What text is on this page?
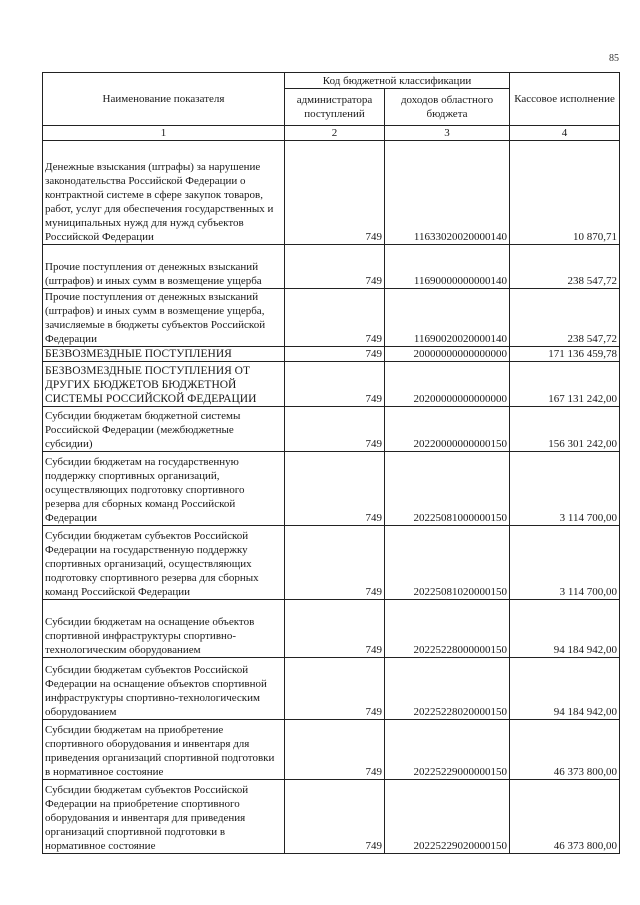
85
Наименование показателя	Код бюджетной классификации		Кассовое исполнение
	администратора поступлений	доходов областного бюджета	
1	2	3	4
Денежные взыскания (штрафы) за нарушение законодательства Российской Федерации о контрактной системе в сфере закупок товаров, работ, услуг для обеспечения государственных и муниципальных нужд для нужд субъектов Российской Федерации	749	11633020020000140	10 870,71
Прочие поступления от денежных взысканий (штрафов) и иных сумм в возмещение ущерба	749	11690000000000140	238 547,72
Прочие поступления от денежных взысканий (штрафов) и иных сумм в возмещение ущерба, зачисляемые в бюджеты субъектов Российской Федерации	749	11690020020000140	238 547,72
БЕЗВОЗМЕЗДНЫЕ ПОСТУПЛЕНИЯ	749	20000000000000000	171 136 459,78
БЕЗВОЗМЕЗДНЫЕ ПОСТУПЛЕНИЯ ОТ ДРУГИХ БЮДЖЕТОВ БЮДЖЕТНОЙ СИСТЕМЫ РОССИЙСКОЙ ФЕДЕРАЦИИ	749	20200000000000000	167 131 242,00
Субсидии бюджетам бюджетной системы Российской Федерации (межбюджетные субсидии)	749	20220000000000150	156 301 242,00
Субсидии бюджетам на государственную поддержку спортивных организаций, осуществляющих подготовку спортивного резерва для сборных команд Российской Федерации	749	20225081000000150	3 114 700,00
Субсидии бюджетам субъектов Российской Федерации на государственную поддержку спортивных организаций, осуществляющих подготовку спортивного резерва для сборных команд Российской Федерации	749	20225081020000150	3 114 700,00
Субсидии бюджетам на оснащение объектов спортивной инфраструктуры спортивно-технологическим оборудованием	749	20225228000000150	94 184 942,00
Субсидии бюджетам субъектов Российской Федерации на оснащение объектов спортивной инфраструктуры спортивно-технологическим оборудованием	749	20225228020000150	94 184 942,00
Субсидии бюджетам на приобретение спортивного оборудования и инвентаря для приведения организаций спортивной подготовки в нормативное состояние	749	20225229000000150	46 373 800,00
Субсидии бюджетам субъектов Российской Федерации на приобретение спортивного оборудования и инвентаря для приведения организаций спортивной подготовки в нормативное состояние	749	20225229020000150	46 373 800,00
